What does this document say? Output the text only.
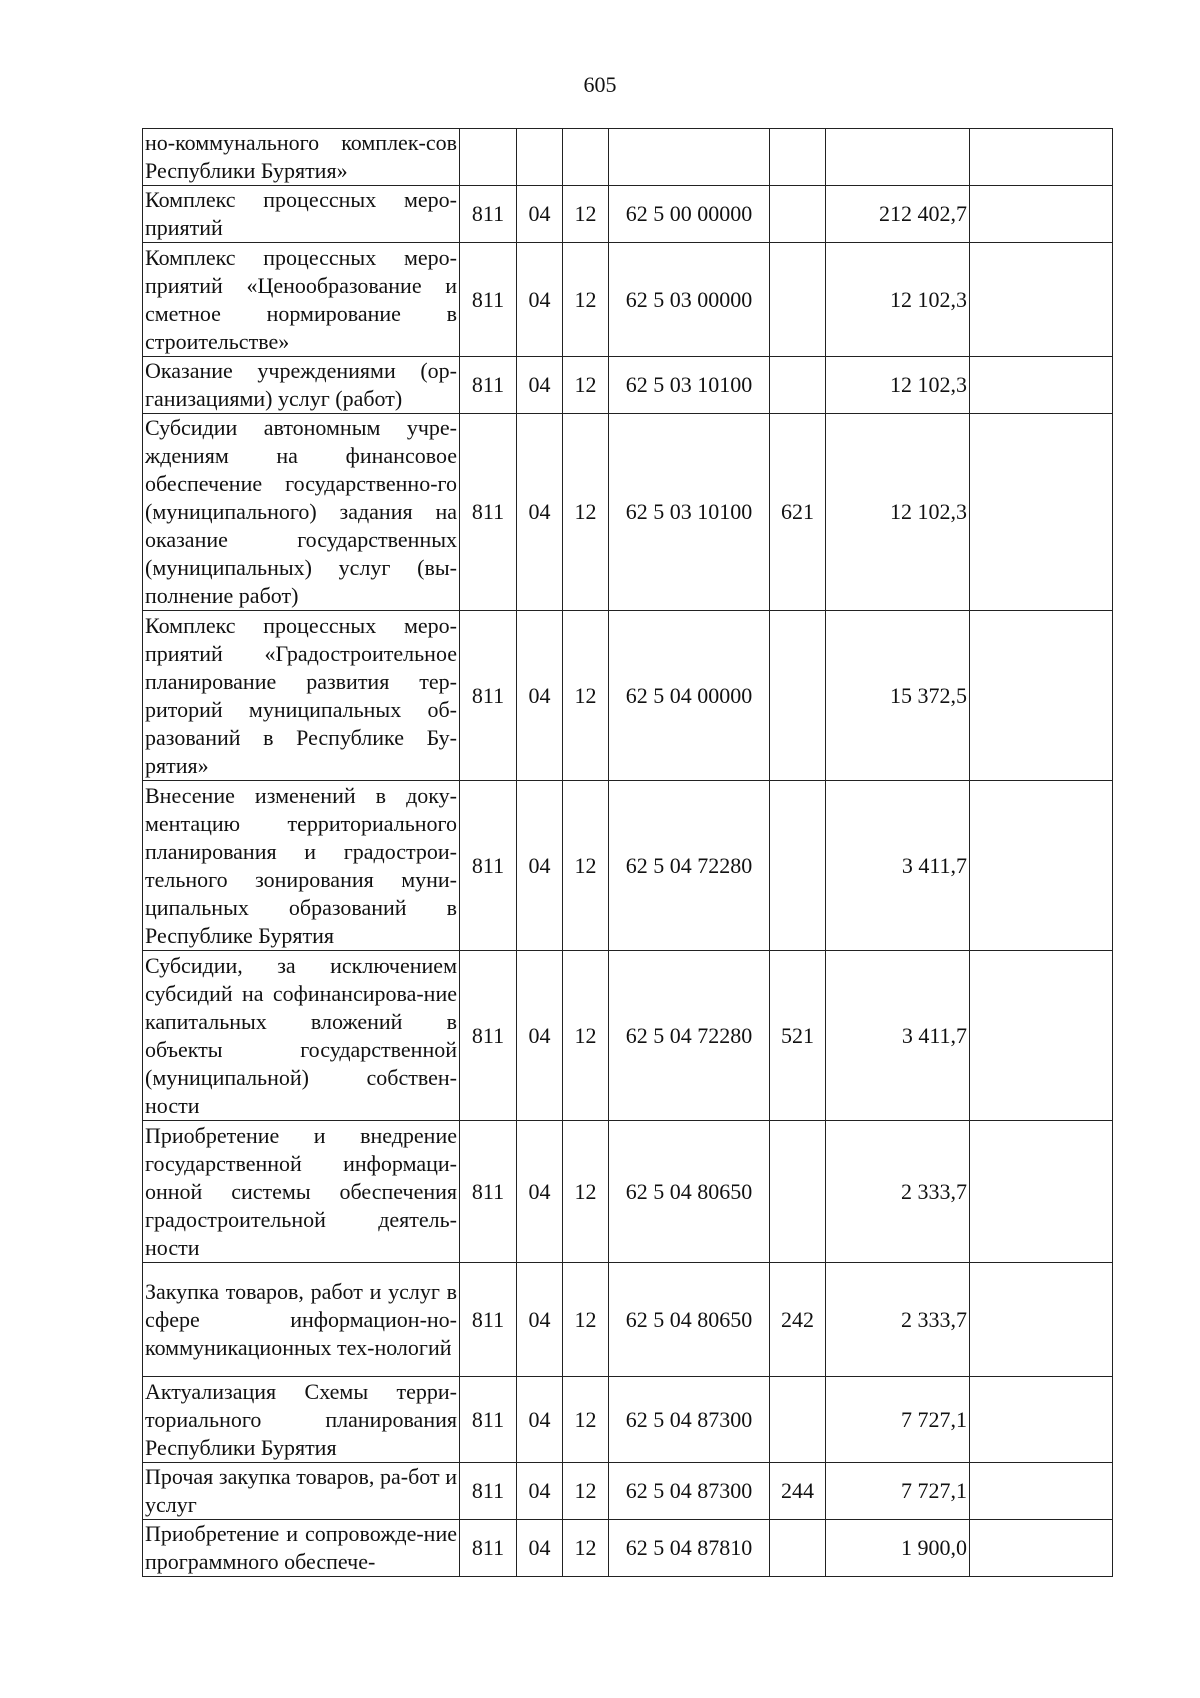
605
но-коммунального комплек-сов Республики Бурятия»							
Комплекс процессных меро-приятий	811	04	12	62 5 00 00000		212 402,7	
Комплекс процессных меро-приятий «Ценообразование и сметное нормирование в строительстве»	811	04	12	62 5 03 00000		12 102,3	
Оказание учреждениями (ор-ганизациями) услуг (работ)	811	04	12	62 5 03 10100		12 102,3	
Субсидии автономным учре-ждениям на финансовое обеспечение государственно-го (муниципального) задания на оказание государственных (муниципальных) услуг (вы-полнение работ)	811	04	12	62 5 03 10100	621	12 102,3	
Комплекс процессных меро-приятий «Градостроительное планирование развития тер-риторий муниципальных об-разований в Республике Бу-рятия»	811	04	12	62 5 04 00000		15 372,5	
Внесение изменений в доку-ментацию территориального планирования и градострои-тельного зонирования муни-ципальных образований в Республике Бурятия	811	04	12	62 5 04 72280		3 411,7	
Субсидии, за исключением субсидий на софинансирова-ние капитальных вложений в объекты государственной (муниципальной) собствен-ности	811	04	12	62 5 04 72280	521	3 411,7	
Приобретение и внедрение государственной информаци-онной системы обеспечения градостроительной деятель-ности	811	04	12	62 5 04 80650		2 333,7	
Закупка товаров, работ и услуг в сфере информацион-но-коммуникационных тех-нологий	811	04	12	62 5 04 80650	242	2 333,7	
Актуализация Схемы терри-ториального планирования Республики Бурятия	811	04	12	62 5 04 87300		7 727,1	
Прочая закупка товаров, ра-бот и услуг	811	04	12	62 5 04 87300	244	7 727,1	
Приобретение и сопровожде-ние программного обеспече-	811	04	12	62 5 04 87810		1 900,0	
